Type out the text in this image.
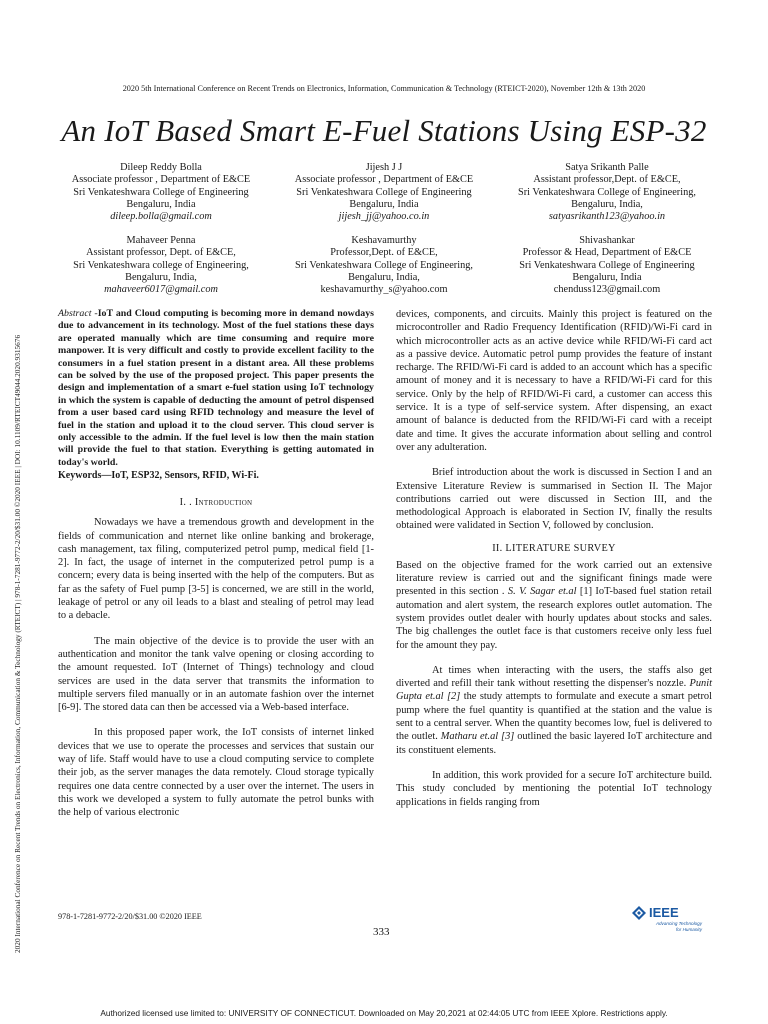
2020 5th International Conference on Recent Trends on Electronics, Information, Communication & Technology (RTEICT-2020), November 12th & 13th 2020
2020 International Conference on Recent Trends on Electronics, Information, Communication & Technology (RTEICT) | 978-1-7281-9772-2/20/$31.00 ©2020 IEEE | DOI: 10.1109/RTEICT49044.2020.9315676
An IoT Based Smart E-Fuel Stations Using ESP-32
Dileep Reddy Bolla
Associate professor , Department of E&CE
Sri Venkateshwara College of Engineering
Bengaluru, India
dileep.bolla@gmail.com
Jijesh J J
Associate professor , Department of E&CE
Sri Venkateshwara College of Engineering
Bengaluru, India
jijesh_jj@yahoo.co.in
Satya Srikanth Palle
Assistant professor,Dept. of E&CE,
Sri Venkateshwara College of Engineering,
Bengaluru, India,
satyasrikanth123@yahoo.in
Mahaveer Penna
Assistant professor, Dept. of E&CE,
Sri Venkateshwara college of Engineering,
Bengaluru, India,
mahaveer6017@gmail.com
Keshavamurthy
Professor,Dept. of E&CE,
Sri Venkateshwara College of Engineering,
Bengaluru, India,
keshavamurthy_s@yahoo.com
Shivashankar
Professor & Head, Department of E&CE
Sri Venkateshwara College of Engineering
Bengaluru, India
chenduss123@gmail.com
Abstract -IoT and Cloud computing is becoming more in demand nowdays due to advancement in its technology. Most of the fuel stations these days are operated manually which are time consuming and require more manpower. It is very difficult and costly to provide excellent facility to the consumers in a fuel station present in a distant area. All these problems can be solved by the use of the proposed project. This paper presents the design and implementation of a smart e-fuel station using IoT technology in which the system is capable of deducting the amount of petrol dispensed from a user based card using RFID technology and measure the level of fuel in the station and upload it to the cloud server. This cloud server is only accessible to the admin. If the fuel level is low then the main station will provide the fuel to that station. Everything is getting automated in today's world.
Keywords—IoT, ESP32, Sensors, RFID, Wi-Fi.
I. . Introduction

Nowadays we have a tremendous growth and development in the fields of communication and nternet like online banking and brokerage, cash management, tax filing, computerized petrol pump, medical field [1-2]. In fact, the usage of internet in the computerized petrol pump is a concern; every data is being inserted with the help of the computers. But as far as the safety of Fuel pump [3-5] is concerned, we are still in the world, leakage of petrol or any oil leads to a blast and stealing of petrol may lead to a debacle.

The main objective of the device is to provide the user with an authentication and monitor the tank valve opening or closing according to the amount requested. IoT (Internet of Things) technology and cloud services are used in the data server that transmits the information to multiple servers filed manually or in an automate fashion over the internet [6-9]. The stored data can then be accessed via a Web-based interface.

In this proposed paper work, the IoT consists of internet linked devices that we use to operate the processes and services that sustain our way of life. Staff would have to use a cloud computing service to complete their job, as the server manages the data remotely. Cloud storage typically requires one data centre connected by a user over the internet. The users in this work we developed a system to fully automate the petrol bunks with the help of various electronic

devices, components, and circuits. Mainly this project is featured on the microcontroller and Radio Frequency Identification (RFID)/Wi-Fi card in which microcontroller acts as an active device while RFID/Wi-Fi card act as a passive device. Automatic petrol pump provides the feature of instant recharge. The RFID/Wi-Fi card is added to an account which has a specific amount of money and it is necessary to have a RFID/Wi-Fi card for this service. Only by the help of RFID/Wi-Fi card, a customer can access this service. It is a type of self-service system. After dispensing, an exact amount of balance is deducted from the RFID/Wi-Fi card with a receipt date and time. It gives the accurate information about selling and control over any adulteration.

Brief introduction about the work is discussed in Section I and an Extensive Literature Review is summarised in Section II. The Major contributions carried out were discussed in Section III, and the methodological Approach is elaborated in Section IV, finally the results obtained were validated in Section V, followed by conclusion.

II. LITERATURE SURVEY

Based on the objective framed for the work carried out an extensive literature review is carried out and the significant finings made were presented in this section . S. V. Sagar et.al [1] IoT-based fuel station retail automation and alert system, the research explores outlet automation. The system provides outlet dealer with hourly updates about stocks and sales. The big challenges the outlet face is that customers receive only less fuel for the amount they pay.

At times when interacting with the users, the staffs also get diverted and refill their tank without resetting the dispenser's nozzle. Punit Gupta et.al [2] the study attempts to formulate and execute a smart petrol pump where the fuel quantity is quantified at the station and the value is sent to a central server. When the quantity becomes low, fuel is delivered to the outlet. Matharu et.al [3] outlined the basic layered IoT architecture and its constituent elements.

In addition, this work provided for a secure IoT architecture build. This study concluded by mentioning the potential IoT technology applications in fields ranging from

978-1-7281-9772-2/20/$31.00 ©2020 IEEE
333
IEEE
Advancing Technology
for Humanity
Authorized licensed use limited to: UNIVERSITY OF CONNECTICUT. Downloaded on May 20,2021 at 02:44:05 UTC from IEEE Xplore. Restrictions apply.
